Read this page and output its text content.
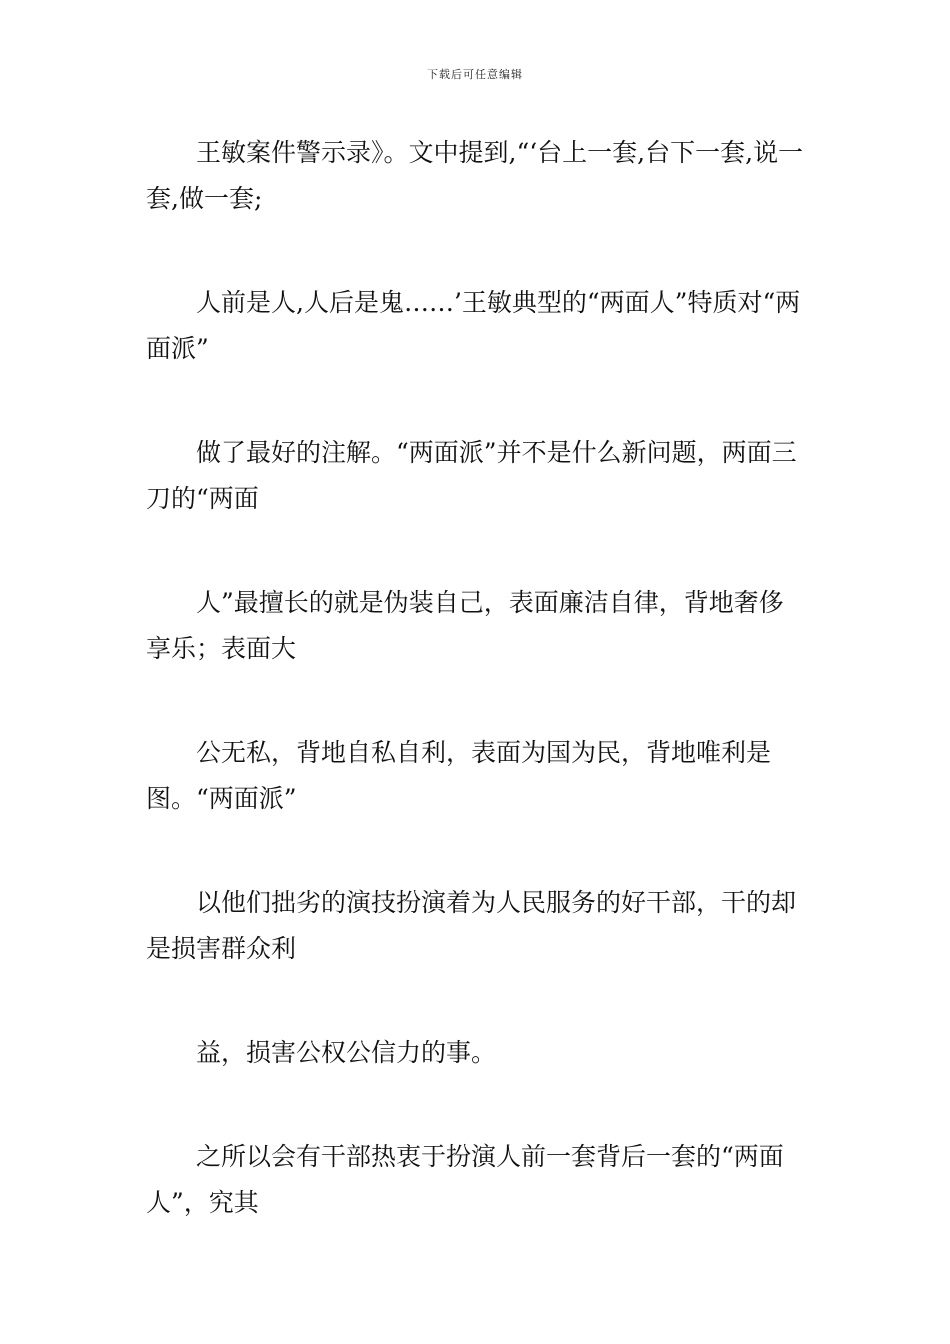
下载后可任意编辑

王敏案件警示录》。文中提到,“‘台上一套,台下一套,说一套,做一套;

人前是人,人后是鬼……’王敏典型的“两面人”特质对“两面派”

做了最好的注解。“两面派”并不是什么新问题，两面三刀的“两面

人”最擅长的就是伪装自己，表面廉洁自律，背地奢侈享乐；表面大

公无私，背地自私自利，表面为国为民，背地唯利是图。“两面派”

以他们拙劣的演技扮演着为人民服务的好干部，干的却是损害群众利

益，损害公权公信力的事。

之所以会有干部热衷于扮演人前一套背后一套的“两面人”，究其
